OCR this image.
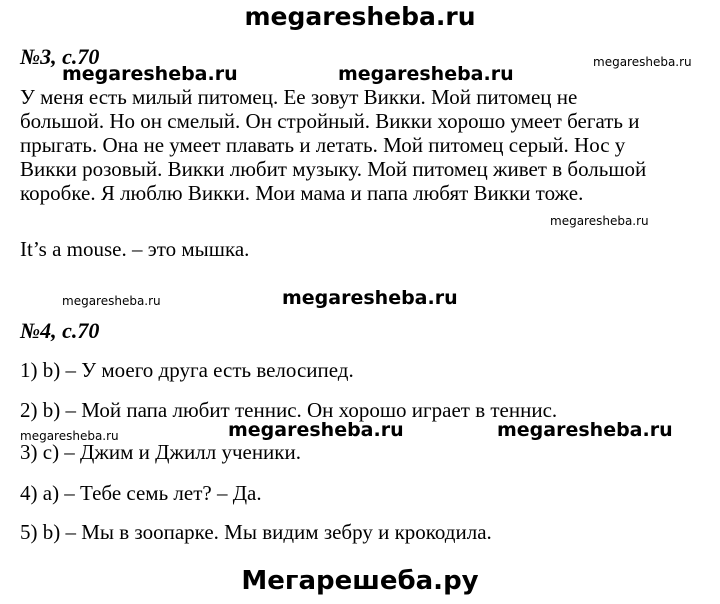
megaresheba.ru
№3, с.70
megaresheba.ru	megaresheba.ru
megaresheba.ru
У меня есть милый питомец. Ее зовут Викки. Мой питомец не
большой. Но он смелый. Он стройный. Викки хорошо умеет бегать и
прыгать. Она не умеет плавать и летать. Мой питомец серый. Нос у
Викки розовый. Викки любит музыку. Мой питомец живет в большой
коробке. Я люблю Викки. Мои мама и папа любят Викки тоже.
megaresheba.ru
It’s a mouse. – это мышка.
megaresheba.ru	megaresheba.ru
№4, с.70
1) b) – У моего друга есть велосипед.
2) b) – Мой папа любит теннис. Он хорошо играет в теннис.
megaresheba.ru	megaresheba.ru	megaresheba.ru
3) c) – Джим и Джилл ученики.
4) a) – Тебе семь лет? – Да.
5) b) – Мы в зоопарке. Мы видим зебру и крокодила.
Мегарешеба.ру
